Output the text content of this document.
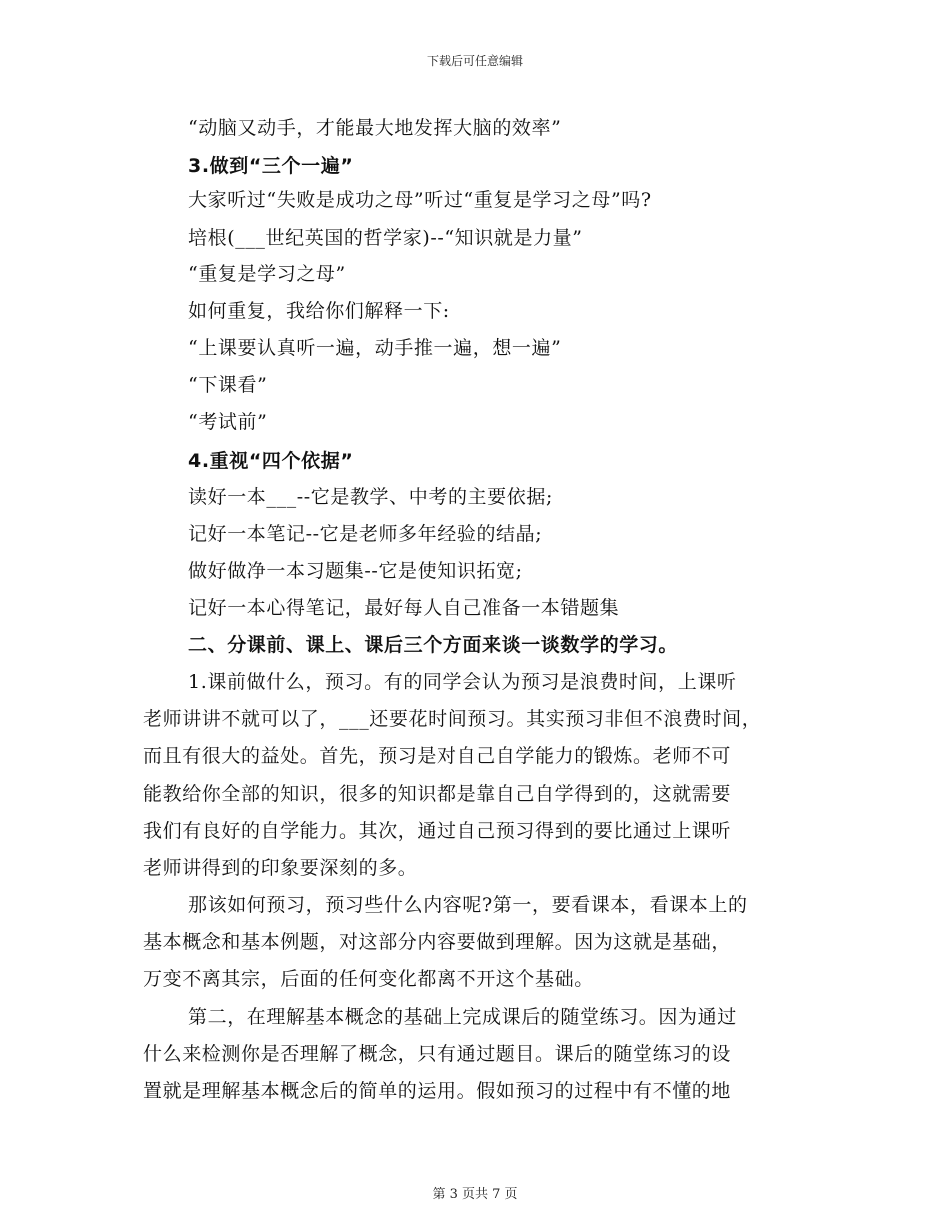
下载后可任意编辑
“动脑又动手，才能最大地发挥大脑的效率”
3.做到“三个一遍”
大家听过“失败是成功之母”听过“重复是学习之母”吗?
培根(___世纪英国的哲学家)--“知识就是力量”
“重复是学习之母”
如何重复，我给你们解释一下:
“上课要认真听一遍，动手推一遍，想一遍”
“下课看”
“考试前”
4.重视“四个依据”
读好一本___--它是教学、中考的主要依据;
记好一本笔记--它是老师多年经验的结晶;
做好做净一本习题集--它是使知识拓宽;
记好一本心得笔记，最好每人自己准备一本错题集
二、分课前、课上、课后三个方面来谈一谈数学的学习。
1.课前做什么，预习。有的同学会认为预习是浪费时间，上课听
老师讲讲不就可以了，___还要花时间预习。其实预习非但不浪费时间，
而且有很大的益处。首先，预习是对自己自学能力的锻炼。老师不可
能教给你全部的知识，很多的知识都是靠自己自学得到的，这就需要
我们有良好的自学能力。其次，通过自己预习得到的要比通过上课听
老师讲得到的印象要深刻的多。
那该如何预习，预习些什么内容呢?第一，要看课本，看课本上的
基本概念和基本例题，对这部分内容要做到理解。因为这就是基础，
万变不离其宗，后面的任何变化都离不开这个基础。
第二，在理解基本概念的基础上完成课后的随堂练习。因为通过
什么来检测你是否理解了概念，只有通过题目。课后的随堂练习的设
置就是理解基本概念后的简单的运用。假如预习的过程中有不懂的地
第 3 页共 7 页
